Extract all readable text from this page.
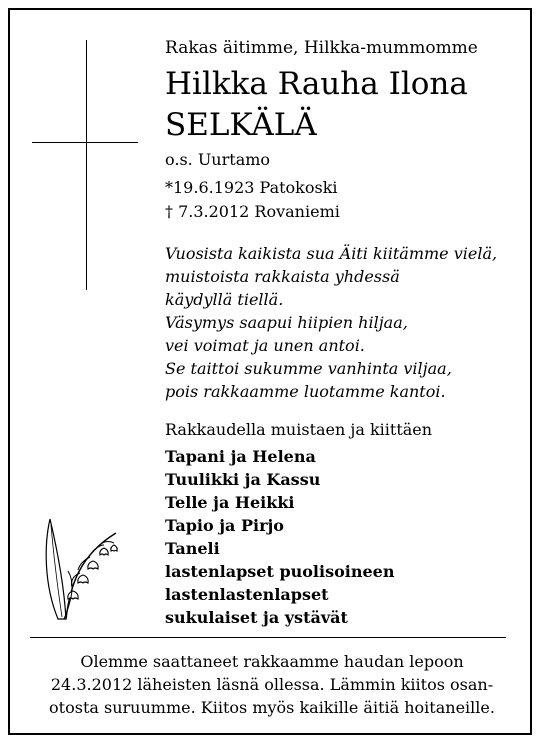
Rakas äitimme, Hilkka-mummomme
Hilkka Rauha Ilona
SELKÄLÄ
o.s. Uurtamo
*19.6.1923 Patokoski
† 7.3.2012 Rovaniemi
Vuosista kaikista sua Äiti kiitämme vielä,
muistoista rakkaista yhdessä
käydyllä tiellä.
Väsymys saapui hiipien hiljaa,
vei voimat ja unen antoi.
Se taittoi sukumme vanhinta viljaa,
pois rakkaamme luotamme kantoi.
Rakkaudella muistaen ja kiittäen
Tapani ja Helena
Tuulikki ja Kassu
Telle ja Heikki
Tapio ja Pirjo
Taneli
lastenlapset puolisoineen
lastenlastenlapset
sukulaiset ja ystävät
Olemme saattaneet rakkaamme haudan lepoon
24.3.2012 läheisten läsnä ollessa. Lämmin kiitos osan-
otosta suruumme. Kiitos myös kaikille äitiä hoitaneille.
